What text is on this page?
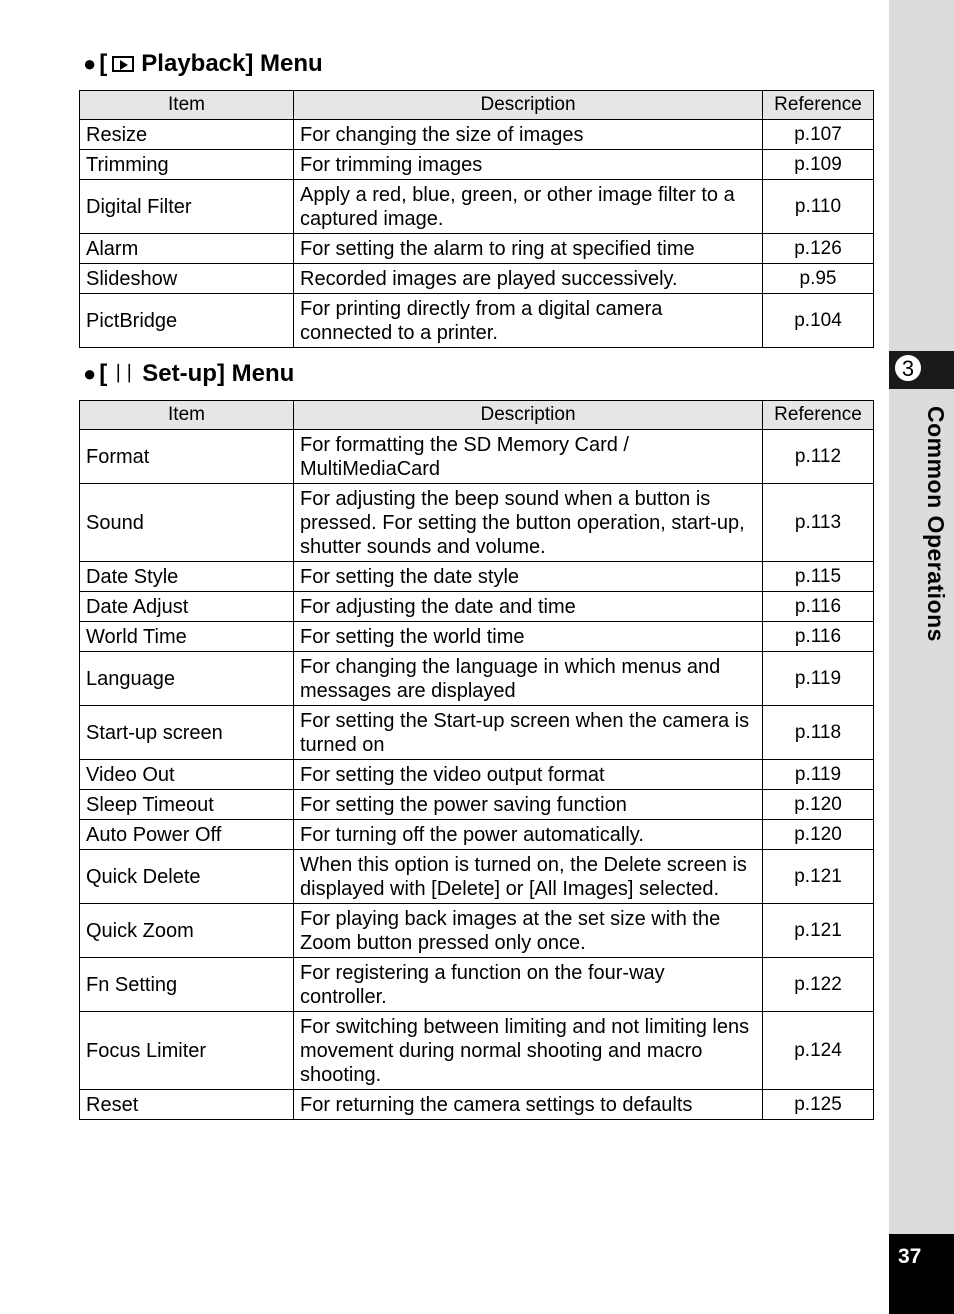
3
Common Operations
37
● [ Playback] Menu
Item	Description	Reference
Resize	For changing the size of images	p.107
Trimming	For trimming images	p.109
Digital Filter	Apply a red, blue, green, or other image filter to a captured image.	p.110
Alarm	For setting the alarm to ring at specified time	p.126
Slideshow	Recorded images are played successively.	p.95
PictBridge	For printing directly from a digital camera connected to a printer.	p.104
● [ ᛁᛁ Set-up] Menu
Item	Description	Reference
Format	For formatting the SD Memory Card / MultiMediaCard	p.112
Sound	For adjusting the beep sound when a button is pressed. For setting the button operation, start-up, shutter sounds and volume.	p.113
Date Style	For setting the date style	p.115
Date Adjust	For adjusting the date and time	p.116
World Time	For setting the world time	p.116
Language	For changing the language in which menus and messages are displayed	p.119
Start-up screen	For setting the Start-up screen when the camera is turned on	p.118
Video Out	For setting the video output format	p.119
Sleep Timeout	For setting the power saving function	p.120
Auto Power Off	For turning off the power automatically.	p.120
Quick Delete	When this option is turned on, the Delete screen is displayed with [Delete] or [All Images] selected.	p.121
Quick Zoom	For playing back images at the set size with the Zoom button pressed only once.	p.121
Fn Setting	For registering a function on the four-way controller.	p.122
Focus Limiter	For switching between limiting and not limiting lens movement during normal shooting and macro shooting.	p.124
Reset	For returning the camera settings to defaults	p.125
